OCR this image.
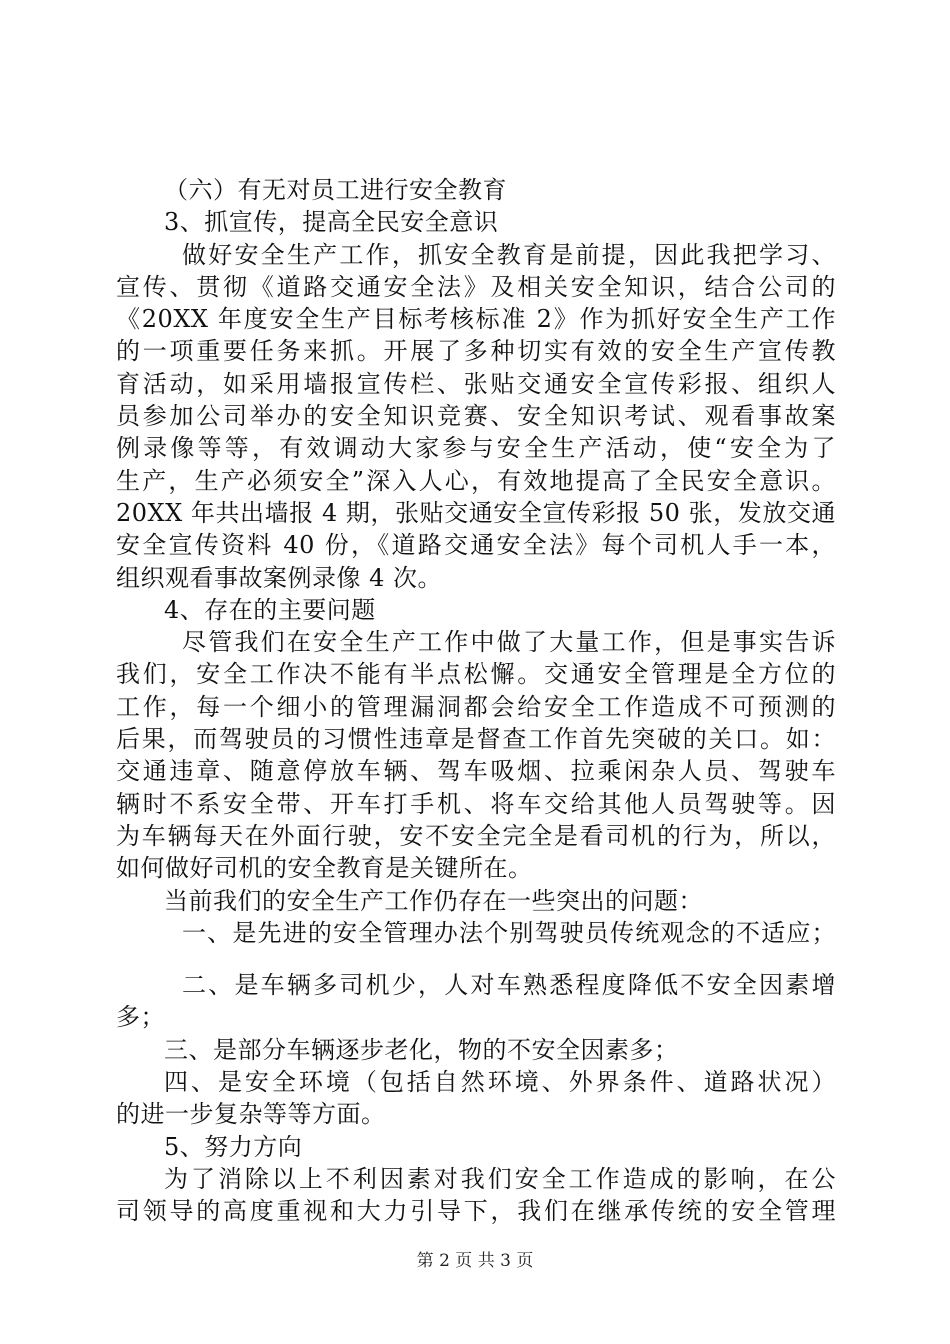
（六）有无对员工进行安全教育
3、抓宣传，提高全民安全意识
做好安全生产工作，抓安全教育是前提，因此我把学习、
宣传、贯彻《道路交通安全法》及相关安全知识，结合公司的
《20XX 年度安全生产目标考核标准 2》作为抓好安全生产工作
的一项重要任务来抓。开展了多种切实有效的安全生产宣传教
育活动，如采用墙报宣传栏、张贴交通安全宣传彩报、组织人
员参加公司举办的安全知识竞赛、安全知识考试、观看事故案
例录像等等，有效调动大家参与安全生产活动，使“安全为了
生产，生产必须安全”深入人心，有效地提高了全民安全意识。
20XX 年共出墙报 4 期，张贴交通安全宣传彩报 50 张，发放交通
安全宣传资料 40 份，《道路交通安全法》每个司机人手一本，
组织观看事故案例录像 4 次。
4、存在的主要问题
尽管我们在安全生产工作中做了大量工作，但是事实告诉
我们，安全工作决不能有半点松懈。交通安全管理是全方位的
工作，每一个细小的管理漏洞都会给安全工作造成不可预测的
后果，而驾驶员的习惯性违章是督查工作首先突破的关口。如：
交通违章、随意停放车辆、驾车吸烟、拉乘闲杂人员、驾驶车
辆时不系安全带、开车打手机、将车交给其他人员驾驶等。因
为车辆每天在外面行驶，安不安全完全是看司机的行为，所以，
如何做好司机的安全教育是关键所在。
当前我们的安全生产工作仍存在一些突出的问题：
一、是先进的安全管理办法个别驾驶员传统观念的不适应；
二、是车辆多司机少，人对车熟悉程度降低不安全因素增
多；
三、是部分车辆逐步老化，物的不安全因素多；
四、是安全环境（包括自然环境、外界条件、道路状况）
的进一步复杂等等方面。
5、努力方向
为了消除以上不利因素对我们安全工作造成的影响，在公
司领导的高度重视和大力引导下，我们在继承传统的安全管理
第 2 页 共 3 页
